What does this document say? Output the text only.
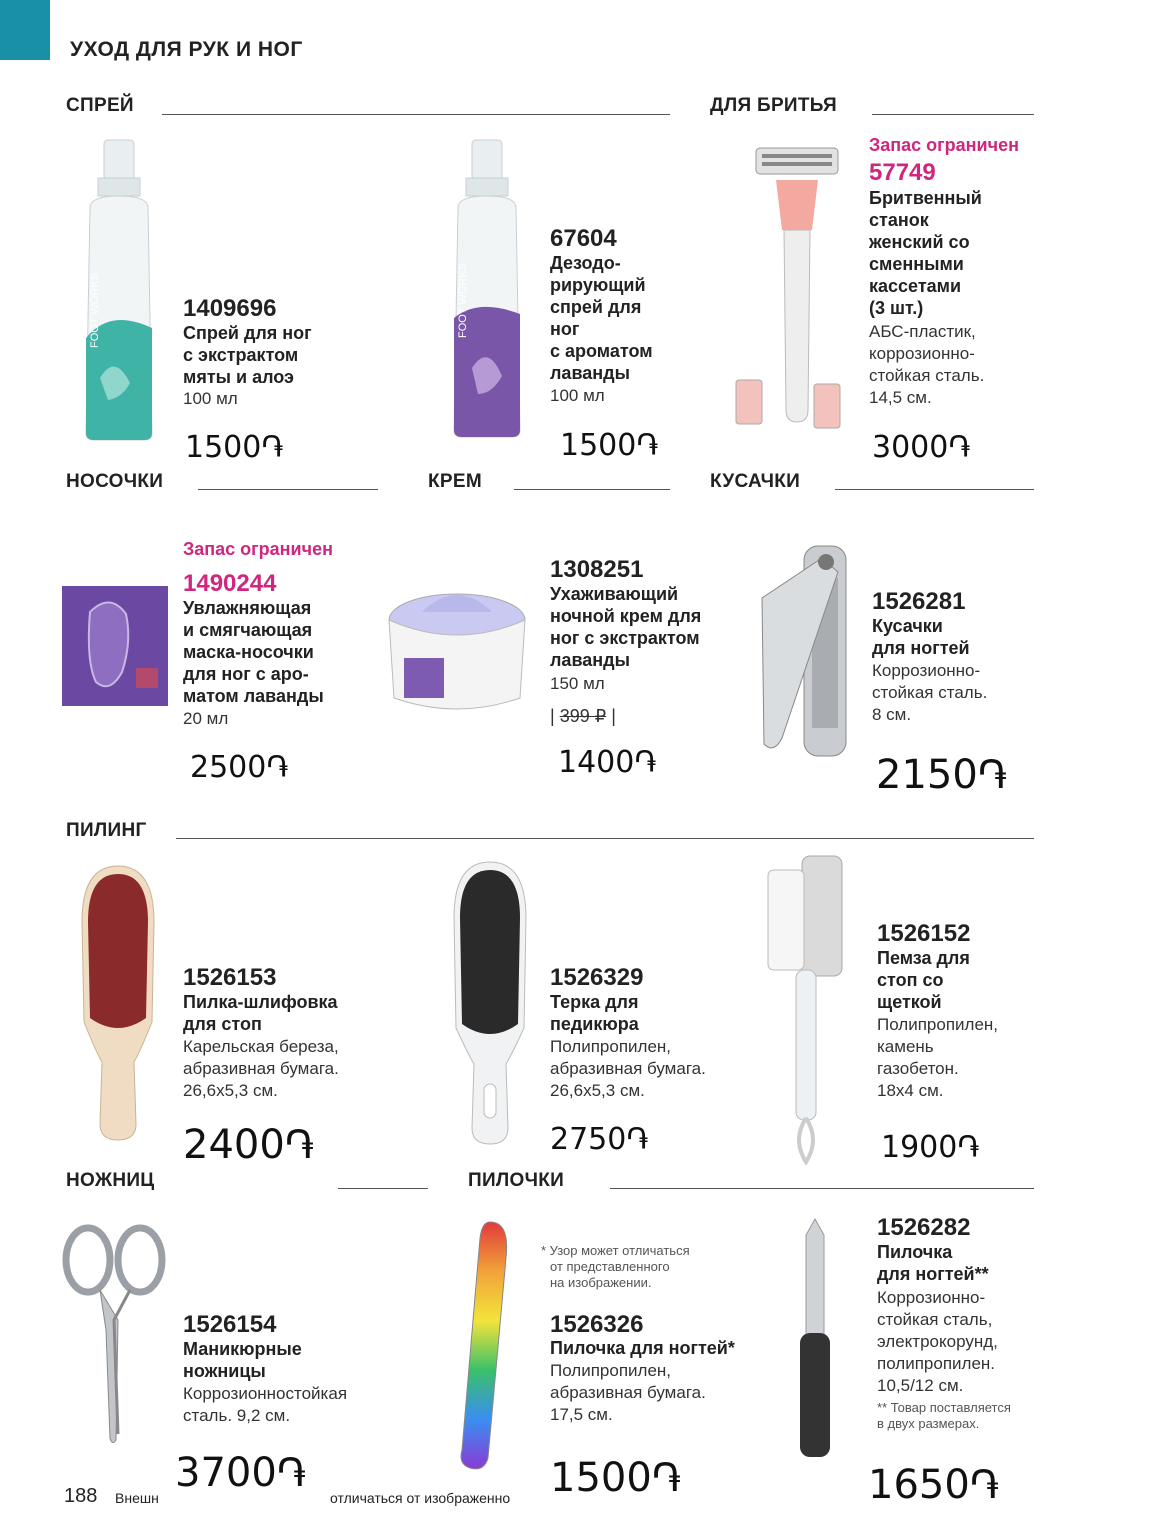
УХОД ДЛЯ РУК И НОГ
СПРЕЙ	ДЛЯ БРИТЬЯ
FOOT WORKS	1409696
Спрей для ног
с экстрактом
мяты и алоэ
100 мл
1500֏
FOOT WORKS
67604
Дезодо-
рирующий
спрей для
ног
с ароматом
лаванды
100 мл
1500֏
Запас ограничен
57749
Бритвенный
станок
женский со
сменными
кассетами
(3 шт.)
АБС-пластик,
коррозионно-
стойкая сталь.
14,5 см.
3000֏
НОСОЧКИ	КРЕМ	КУСАЧКИ
Запас ограничен
1490244
Увлажняющая
и смягчающая
маска-носочки
для ног с аро-
матом лаванды
20 мл
2500֏
1308251
Ухаживающий
ночной крем для
ног с экстрактом
лаванды
150 мл
| 399 ₽ |
1400֏
1526281
Кусачки
для ногтей
Коррозионно-
стойкая сталь.
8 см.
2150֏
ПИЛИНГ
1526153
Пилка-шлифовка
для стоп
Карельская береза,
абразивная бумага.
26,6x5,3 см.
2400֏
1526329
Терка для
педикюра
Полипропилен,
абразивная бумага.
26,6x5,3 см.
2750֏
1526152
Пемза для
стоп со
щеткой
Полипропилен,
камень
газобетон.
18x4 см.
1900֏
НОЖНИЦ	ПИЛОЧКИ
1526154
Маникюрные
ножницы
Коррозионностойкая
сталь. 9,2 см.
3700֏
* Узор может отличаться
от представленного
на изображении.
1526326
Пилочка для ногтей*
Полипропилен,
абразивная бумага.
17,5 см.
1500֏
1526282
Пилочка
для ногтей**
Коррозионно-
стойкая сталь,
электрокорунд,
полипропилен.
10,5/12 см.
** Товар поставляется
в двух размерах.
1650֏
188 Внешн	отличаться от изображенно
